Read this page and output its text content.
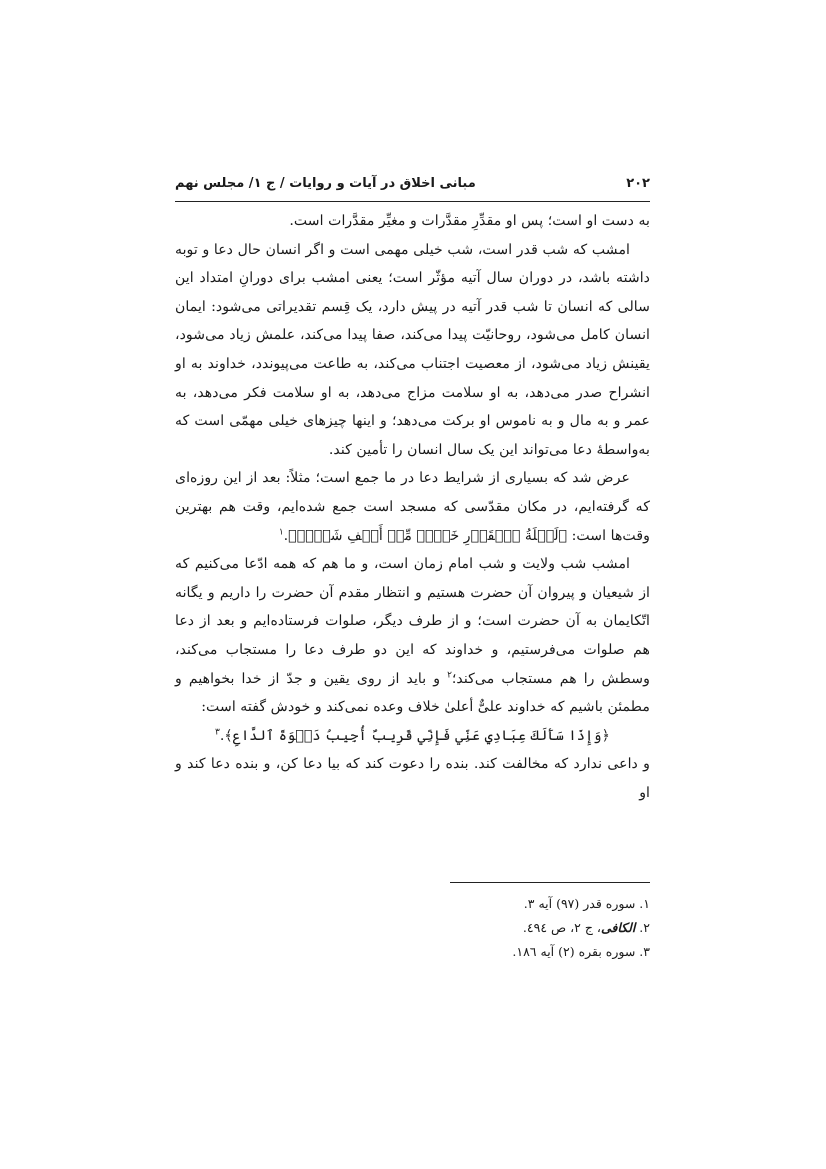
۲۰۲
مبانی اخلاق در آیات و روایات / ج ۱/ مجلس نهم

به دست او است؛ پس او مقدِّرِ مقدَّرات و مغیِّر مقدَّرات است.

امشب که شب قدر است، شب خیلی مهمی است و اگر انسان حال دعا و توبه داشته باشد، در دوران سال آتیه مؤثّر است؛ یعنی امشب برای دورانِ امتداد این سالی که انسان تا شب قدر آتیه در پیش دارد، یک قِسم تقدیراتی می‌شود: ایمان انسان کامل می‌شود، روحانیّت پیدا می‌کند، صفا پیدا می‌کند، علمش زیاد می‌شود، یقینش زیاد می‌شود، از معصیت اجتناب می‌کند، به طاعت می‌پیوندد، خداوند به او انشراح صدر می‌دهد، به او سلامت مزاج می‌دهد، به او سلامت فکر می‌دهد، به عمر و به مال و به ناموس او برکت می‌دهد؛ و اینها چیزهای خیلی مهمّی است که به‌واسطهٔ دعا می‌تواند این یک سال انسان را تأمین کند.

عرض شد که بسیاری از شرایط دعا در ما جمع است؛ مثلاً: بعد از این روزه‌ای که گرفته‌ایم، در مکان مقدّسی که مسجد است جمع شده‌ایم، وقت هم بهترین وقت‌ها است: ﴿لَيۡلَةُ ٱلۡقَدۡرِ خَيۡرٞ مِّنۡ أَلۡفِ شَهۡرٖ﴾.$^۱$

امشب شب ولایت و شب امام زمان است، و ما هم که همه ادّعا می‌کنیم که از شیعیان و پیروان آن حضرت هستیم و انتظار مقدم آن حضرت را داریم و یگانه اتّکایمان به آن حضرت است؛ و از طرف دیگر، صلوات فرستاده‌ایم و بعد از دعا هم صلوات می‌فرستیم، و خداوند که این دو طرف دعا را مستجاب می‌کند، وسطش را هم مستجاب می‌کند؛$^۲$ و باید از روی یقین و جدّ از خدا بخواهیم و مطمئن باشیم که خداوند علیٌّ أعلیٰ خلاف وعده نمی‌کند و خودش گفته است:

﴿وَإِذَا سَأَلَكَ عِبَادِي عَنِّي فَإِنِّي قَرِيبٌ أُجِيبُ دَعۡوَةَ ٱلدَّاعِ﴾.$^۳$

و داعی ندارد که مخالفت کند. بنده را دعوت کند که بیا دعا کن، و بنده دعا کند و او

۱. سوره قدر (۹۷) آیه ۳.

۲. الکافی، ج ۲، ص ٤۹٤.

۳. سوره بقره (۲) آیه ۱۸٦.
